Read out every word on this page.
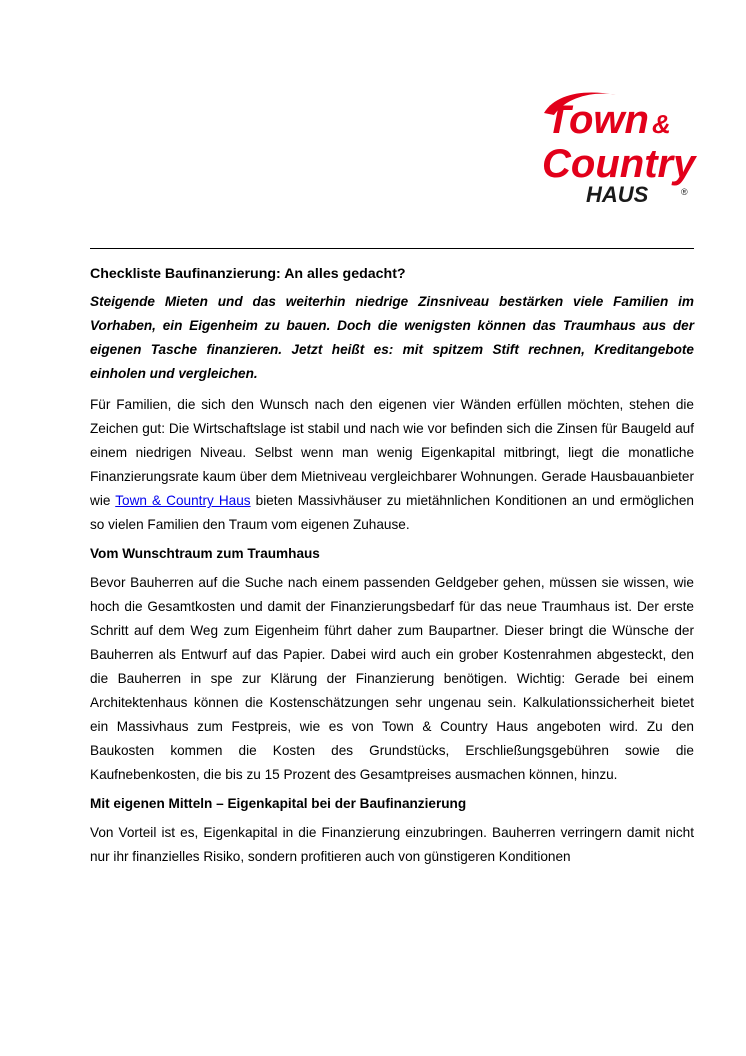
Town &
Country
HAUS	®

Checkliste Baufinanzierung: An alles gedacht?

Steigende Mieten und das weiterhin niedrige Zinsniveau bestärken viele Familien im Vorhaben, ein Eigenheim zu bauen. Doch die wenigsten können das Traumhaus aus der eigenen Tasche finanzieren. Jetzt heißt es: mit spitzem Stift rechnen, Kreditangebote einholen und vergleichen.

Für Familien, die sich den Wunsch nach den eigenen vier Wänden erfüllen möchten, stehen die Zeichen gut: Die Wirtschaftslage ist stabil und nach wie vor befinden sich die Zinsen für Baugeld auf einem niedrigen Niveau. Selbst wenn man wenig Eigenkapital mitbringt, liegt die monatliche Finanzierungsrate kaum über dem Mietniveau vergleichbarer Wohnungen. Gerade Hausbauanbieter wie Town & Country Haus bieten Massivhäuser zu mietähnlichen Konditionen an und ermöglichen so vielen Familien den Traum vom eigenen Zuhause.

Vom Wunschtraum zum Traumhaus

Bevor Bauherren auf die Suche nach einem passenden Geldgeber gehen, müssen sie wissen, wie hoch die Gesamtkosten und damit der Finanzierungsbedarf für das neue Traumhaus ist. Der erste Schritt auf dem Weg zum Eigenheim führt daher zum Baupartner. Dieser bringt die Wünsche der Bauherren als Entwurf auf das Papier. Dabei wird auch ein grober Kostenrahmen abgesteckt, den die Bauherren in spe zur Klärung der Finanzierung benötigen. Wichtig: Gerade bei einem Architektenhaus können die Kostenschätzungen sehr ungenau sein. Kalkulationssicherheit bietet ein Massivhaus zum Festpreis, wie es von Town & Country Haus angeboten wird. Zu den Baukosten kommen die Kosten des Grundstücks, Erschließungsgebühren sowie die Kaufnebenkosten, die bis zu 15 Prozent des Gesamtpreises ausmachen können, hinzu.

Mit eigenen Mitteln – Eigenkapital bei der Baufinanzierung

Von Vorteil ist es, Eigenkapital in die Finanzierung einzubringen. Bauherren verringern damit nicht nur ihr finanzielles Risiko, sondern profitieren auch von günstigeren Konditionen
